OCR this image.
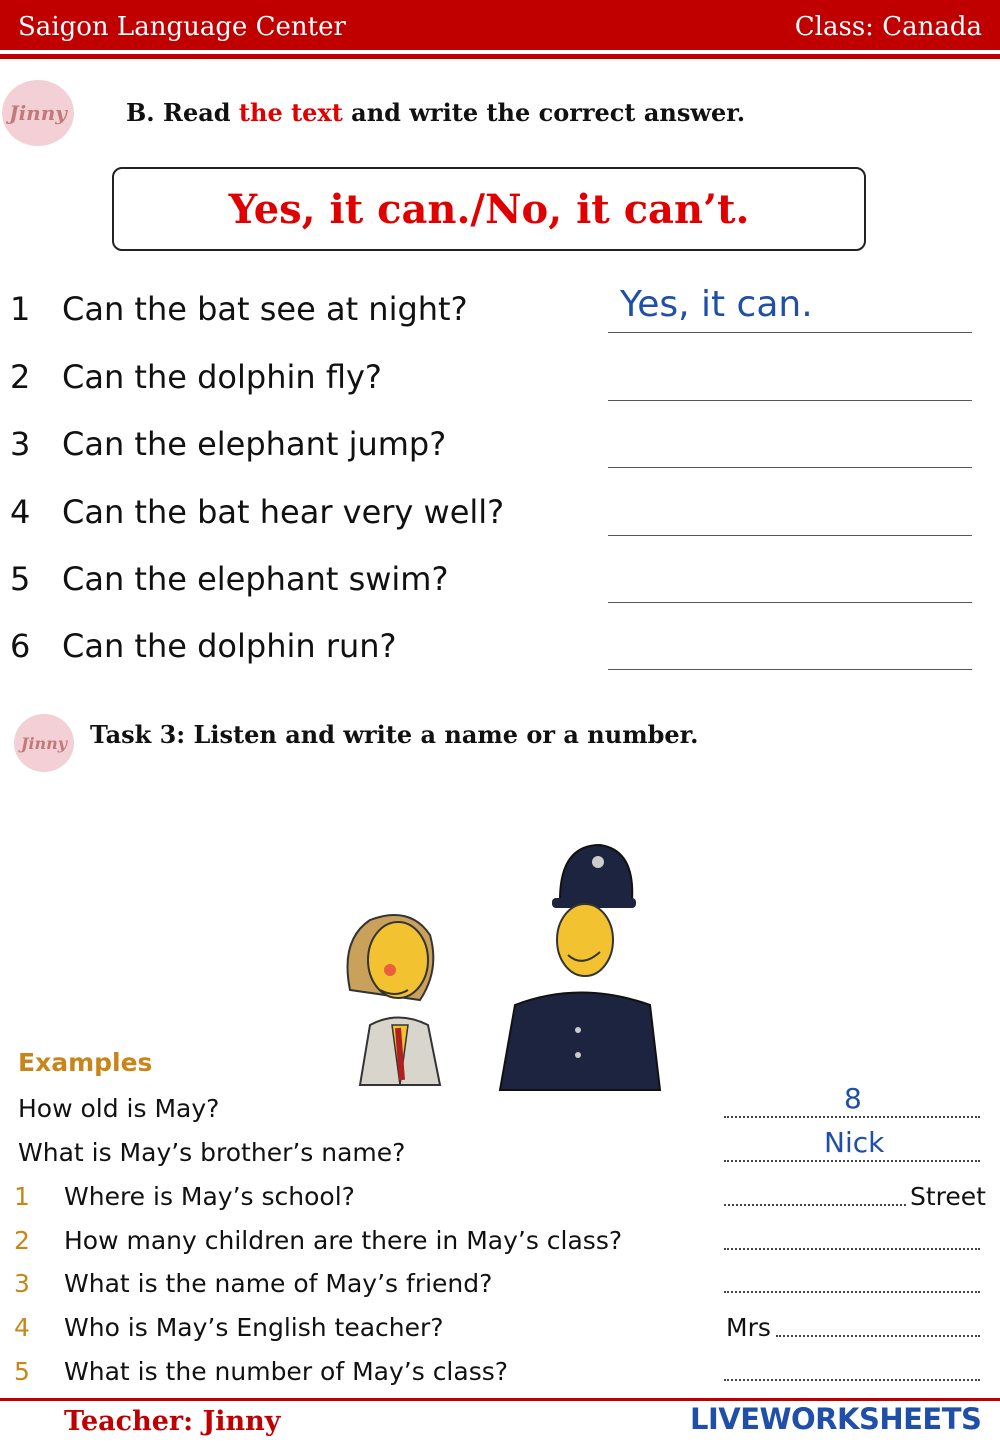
Saigon Language Center	Class: Canada
Jinny B. Read the text and write the correct answer.
Yes, it can./No, it can’t.
1 Can the bat see at night?	Yes, it can.
2 Can the dolphin fly?
3 Can the elephant jump?
4 Can the bat hear very well?
5 Can the elephant swim?
6 Can the dolphin run?
Jinny Task 3: Listen and write a name or a number.
Examples
How old is May?	8
What is May’s brother’s name?	Nick
1 Where is May’s school?	Street
2 How many children are there in May’s class?
3 What is the name of May’s friend?
4 Who is May’s English teacher?	Mrs
5 What is the number of May’s class?
Teacher: Jinny	LIVEWORKSHEETS
